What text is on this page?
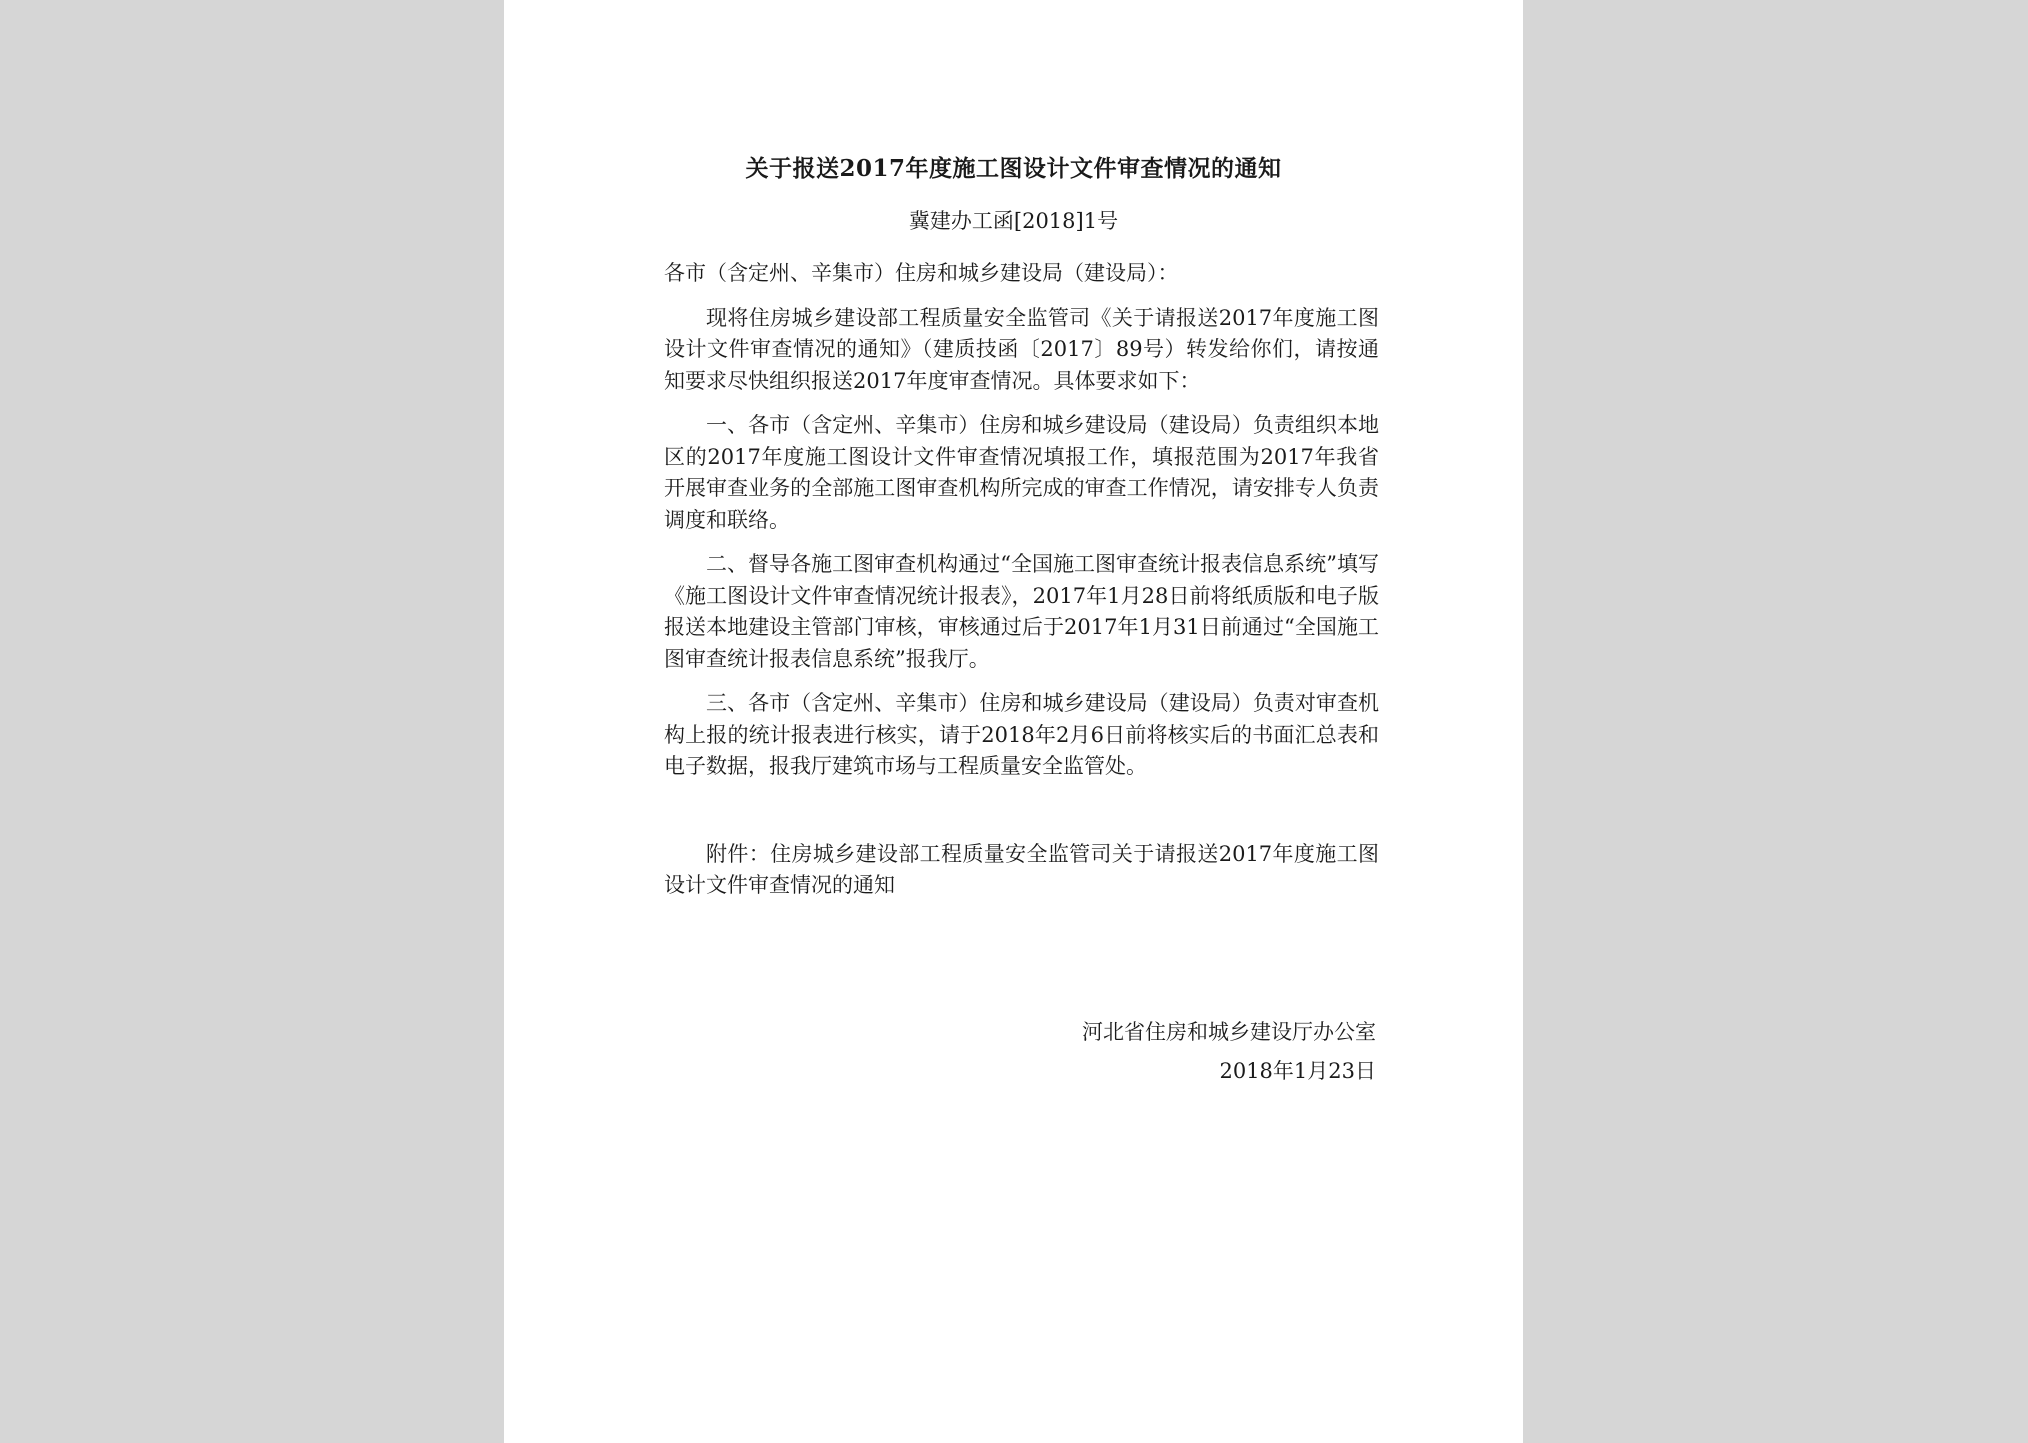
关于报送2017年度施工图设计文件审查情况的通知
冀建办工函[2018]1号

各市（含定州、辛集市）住房和城乡建设局（建设局）：

现将住房城乡建设部工程质量安全监管司《关于请报送2017年度施工图设计文件审查情况的通知》（建质技函〔2017〕89号）转发给你们，请按通知要求尽快组织报送2017年度审查情况。具体要求如下：

一、各市（含定州、辛集市）住房和城乡建设局（建设局）负责组织本地区的2017年度施工图设计文件审查情况填报工作，填报范围为2017年我省开展审查业务的全部施工图审查机构所完成的审查工作情况，请安排专人负责调度和联络。

二、督导各施工图审查机构通过“全国施工图审查统计报表信息系统”填写《施工图设计文件审查情况统计报表》，2017年1月28日前将纸质版和电子版报送本地建设主管部门审核，审核通过后于2017年1月31日前通过“全国施工图审查统计报表信息系统”报我厅。

三、各市（含定州、辛集市）住房和城乡建设局（建设局）负责对审查机构上报的统计报表进行核实，请于2018年2月6日前将核实后的书面汇总表和电子数据，报我厅建筑市场与工程质量安全监管处。

附件：住房城乡建设部工程质量安全监管司关于请报送2017年度施工图设计文件审查情况的通知

河北省住房和城乡建设厅办公室
2018年1月23日
